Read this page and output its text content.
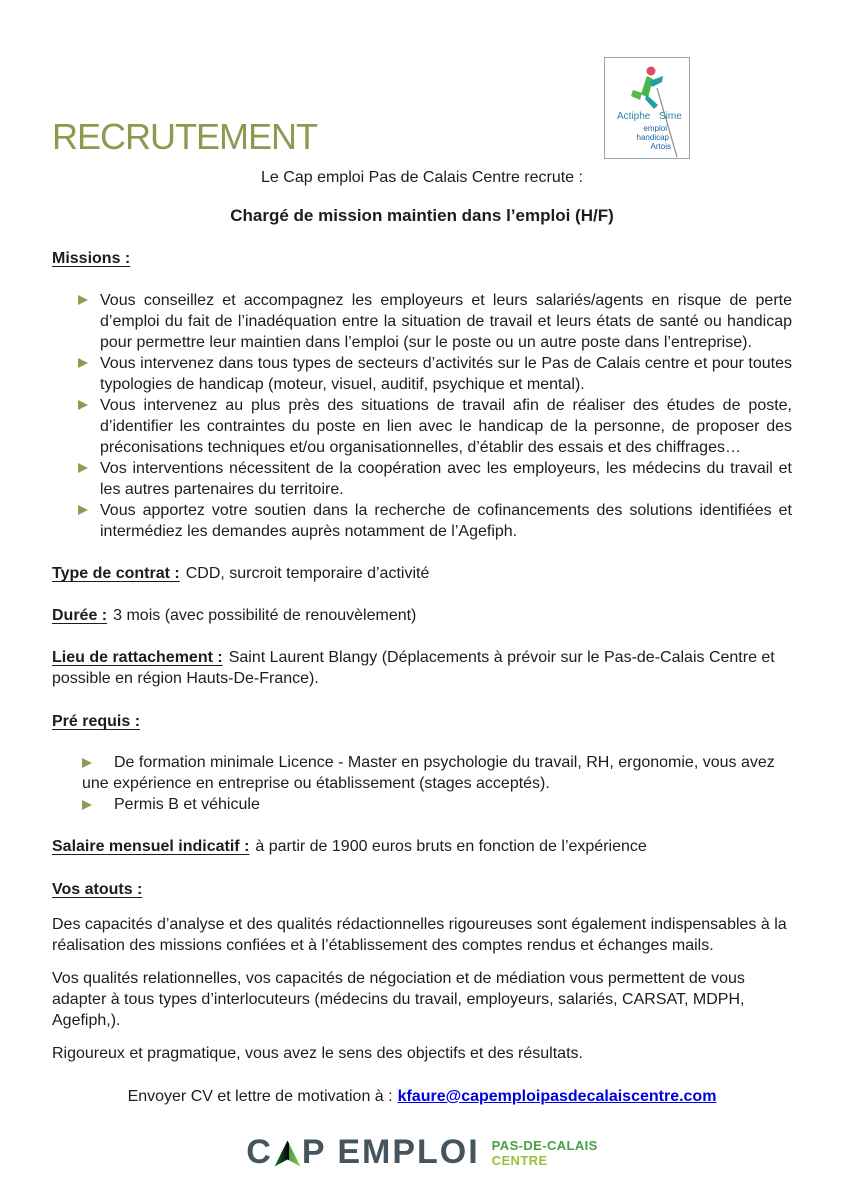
Actiphe Sime
emploi
handicap
Artois
RECRUTEMENT
Le Cap emploi Pas de Calais Centre recrute :
Chargé de mission maintien dans l’emploi (H/F)
Missions :
Vous conseillez et accompagnez les employeurs et leurs salariés/agents en risque de perte d’emploi du fait de l’inadéquation entre la situation de travail et leurs états de santé ou handicap pour permettre leur maintien dans l’emploi (sur le poste ou un autre poste dans l’entreprise).
Vous intervenez dans tous types de secteurs d’activités sur le Pas de Calais centre et pour toutes typologies de handicap (moteur, visuel, auditif, psychique et mental).
Vous intervenez au plus près des situations de travail afin de réaliser des études de poste, d’identifier les contraintes du poste en lien avec le handicap de la personne, de proposer des préconisations techniques et/ou organisationnelles, d’établir des essais et des chiffrages…
Vos interventions nécessitent de la coopération avec les employeurs, les médecins du travail et les autres partenaires du territoire.
Vous apportez votre soutien dans la recherche de cofinancements des solutions identifiées et intermédiez les demandes auprès notamment de l’Agefiph.
Type de contrat : CDD, surcroit temporaire d’activité
Durée : 3 mois (avec possibilité de renouvèlement)
Lieu de rattachement : Saint Laurent Blangy (Déplacements à prévoir sur le Pas-de-Calais Centre et possible en région Hauts-De-France).
Pré requis :
De formation minimale Licence - Master en psychologie du travail, RH, ergonomie, vous avez une expérience en entreprise ou établissement (stages acceptés).
Permis B et véhicule
Salaire mensuel indicatif : à partir de 1900 euros bruts en fonction de l’expérience
Vos atouts :

Des capacités d’analyse et des qualités rédactionnelles rigoureuses sont également indispensables à la réalisation des missions confiées et à l’établissement des comptes rendus et échanges mails.

Vos qualités relationnelles, vos capacités de négociation et de médiation vous permettent de vous adapter à tous types d’interlocuteurs (médecins du travail, employeurs, salariés, CARSAT, MDPH, Agefiph,).

Rigoureux et pragmatique, vous avez le sens des objectifs et des résultats.

Envoyer CV et lettre de motivation à : kfaure@capemploipasdecalaiscentre.com
C P EMPLOI PAS-DE-CALAIS
CENTRE
